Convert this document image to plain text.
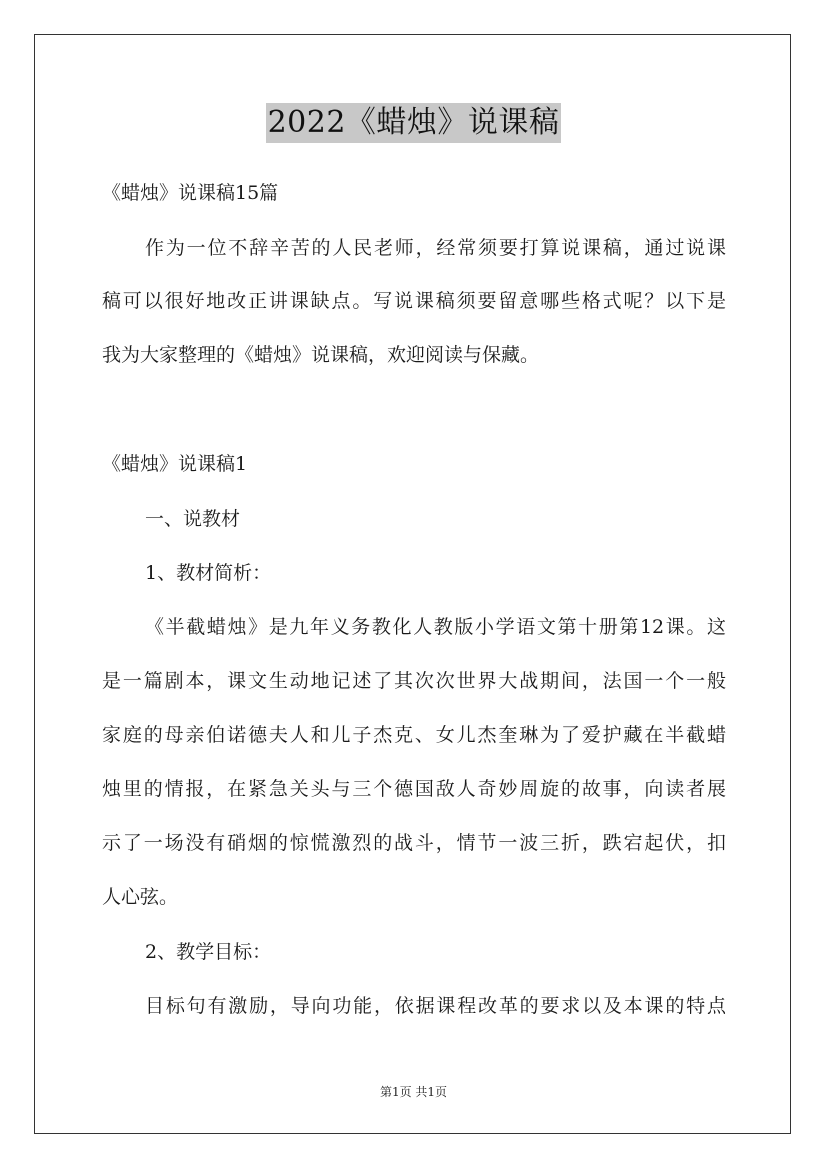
2022《蜡烛》说课稿
《蜡烛》说课稿15篇
作为一位不辞辛苦的人民老师，经常须要打算说课稿，通过说课
稿可以很好地改正讲课缺点。写说课稿须要留意哪些格式呢？以下是
我为大家整理的《蜡烛》说课稿，欢迎阅读与保藏。
《蜡烛》说课稿1
一、说教材
1、教材简析：
《半截蜡烛》是九年义务教化人教版小学语文第十册第12课。这
是一篇剧本，课文生动地记述了其次次世界大战期间，法国一个一般
家庭的母亲伯诺德夫人和儿子杰克、女儿杰奎琳为了爱护藏在半截蜡
烛里的情报，在紧急关头与三个德国敌人奇妙周旋的故事，向读者展
示了一场没有硝烟的惊慌激烈的战斗，情节一波三折，跌宕起伏，扣
人心弦。
2、教学目标：
目标句有激励，导向功能，依据课程改革的要求以及本课的特点
第1页 共1页
